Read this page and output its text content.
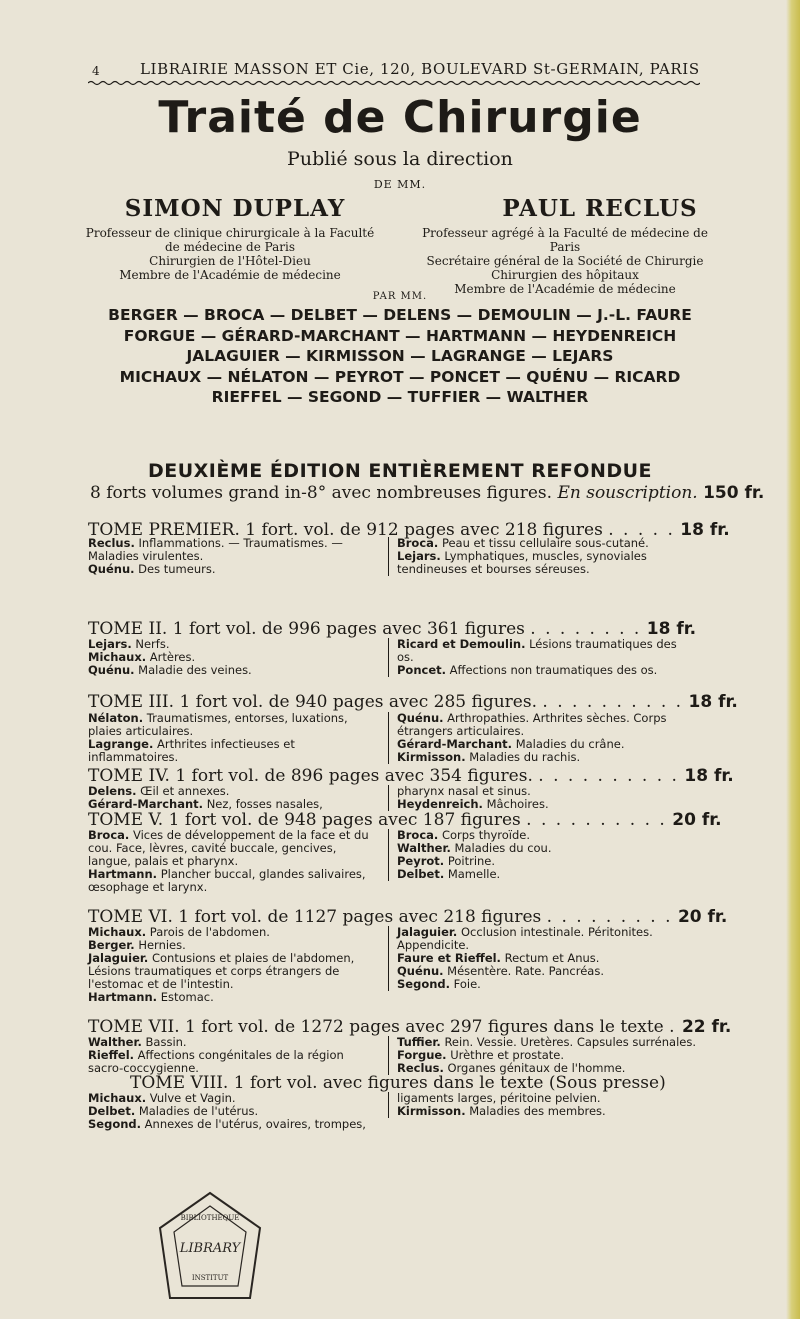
4	LIBRAIRIE MASSON ET Cie, 120, BOULEVARD St-GERMAIN, PARIS
Traité de Chirurgie
Publié sous la direction
DE MM.
SIMON DUPLAY	PAUL RECLUS
Professeur de clinique chirurgicale à la Faculté
de médecine de Paris
Chirurgien de l'Hôtel-Dieu
Membre de l'Académie de médecine
Professeur agrégé à la Faculté de médecine de Paris
Secrétaire général de la Société de Chirurgie
Chirurgien des hôpitaux
Membre de l'Académie de médecine
PAR MM.
BERGER — BROCA — DELBET — DELENS — DEMOULIN — J.-L. FAURE
FORGUE — GÉRARD-MARCHANT — HARTMANN — HEYDENREICH
JALAGUIER — KIRMISSON — LAGRANGE — LEJARS
MICHAUX — NÉLATON — PEYROT — PONCET — QUÉNU — RICARD
RIEFFEL — SEGOND — TUFFIER — WALTHER
DEUXIÈME ÉDITION ENTIÈREMENT REFONDUE
8 forts volumes grand in-8° avec nombreuses figures. En souscription. 150 fr.
TOME PREMIER. 1 fort. vol. de 912 pages avec 218 figures . . . . . 18 fr.
Reclus. Inflammations. — Traumatismes. — Maladies virulentes.
Quénu. Des tumeurs.
Broca. Peau et tissu cellulaire sous-cutané.
Lejars. Lymphatiques, muscles, synoviales tendineuses et bourses séreuses.
TOME II. 1 fort vol. de 996 pages avec 361 figures . . . . . . . . 18 fr.
Lejars. Nerfs.
Michaux. Artères.
Quénu. Maladie des veines.
Ricard et Demoulin. Lésions traumatiques des os.
Poncet. Affections non traumatiques des os.
TOME III. 1 fort vol. de 940 pages avec 285 figures. . . . . . . . . . . 18 fr.
Nélaton. Traumatismes, entorses, luxations, plaies articulaires.
Lagrange. Arthrites infectieuses et inflammatoires.
Quénu. Arthropathies. Arthrites sèches. Corps étrangers articulaires.
Gérard-Marchant. Maladies du crâne.
Kirmisson. Maladies du rachis.
TOME IV. 1 fort vol. de 896 pages avec 354 figures. . . . . . . . . . . 18 fr.
Delens. Œil et annexes.
Gérard-Marchant. Nez, fosses nasales,
pharynx nasal et sinus.
Heydenreich. Mâchoires.
TOME V. 1 fort vol. de 948 pages avec 187 figures . . . . . . . . . . 20 fr.
Broca. Vices de développement de la face et du cou. Face, lèvres, cavité buccale, gencives, langue, palais et pharynx.
Hartmann. Plancher buccal, glandes salivaires, œsophage et larynx.
Broca. Corps thyroïde.
Walther. Maladies du cou.
Peyrot. Poitrine.
Delbet. Mamelle.
TOME VI. 1 fort vol. de 1127 pages avec 218 figures . . . . . . . . . 20 fr.
Michaux. Parois de l'abdomen.
Berger. Hernies.
Jalaguier. Contusions et plaies de l'abdomen, Lésions traumatiques et corps étrangers de l'estomac et de l'intestin.
Hartmann. Estomac.
Jalaguier. Occlusion intestinale. Péritonites. Appendicite.
Faure et Rieffel. Rectum et Anus.
Quénu. Mésentère. Rate. Pancréas.
Segond. Foie.
TOME VII. 1 fort vol. de 1272 pages avec 297 figures dans le texte . 22 fr.
Walther. Bassin.
Rieffel. Affections congénitales de la région sacro-coccygienne.
Tuffier. Rein. Vessie. Uretères. Capsules surrénales.
Forgue. Urèthre et prostate.
Reclus. Organes génitaux de l'homme.
TOME VIII. 1 fort vol. avec figures dans le texte (Sous presse)
Michaux. Vulve et Vagin.
Delbet. Maladies de l'utérus.
Segond. Annexes de l'utérus, ovaires, trompes,
ligaments larges, péritoine pelvien.
Kirmisson. Maladies des membres.
LIBRARY
BIBLIOTHÈQUE
INSTITUT
